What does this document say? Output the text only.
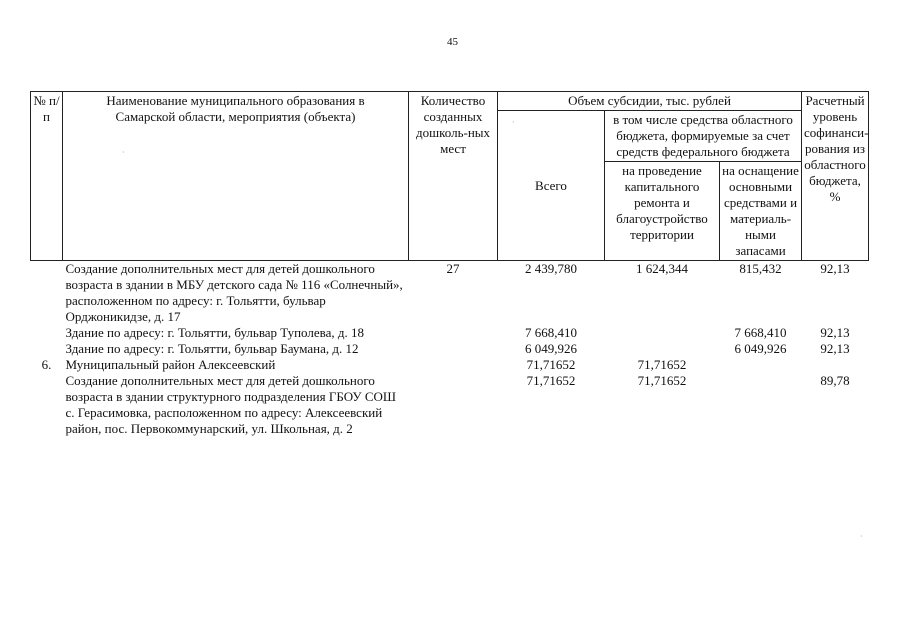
45
№ п/п	Наименование муниципального образования в Самарской области, мероприятия (объекта)	Количество созданных дошколь-ных мест	Объем субсидии, тыс. рублей			Расчетный уровень софинанси-рования из областного бюджета, %
			Всего	в том числе средства областного бюджета, формируемые за счет средств федерального бюджета		
				на проведение капитального ремонта и благоустройство территории	на оснащение основными средствами и материаль-ными запасами	
	Создание дополнительных мест для детей дошкольного возраста в здании в МБУ детского сада № 116 «Солнечный», расположенном по адресу: г. Тольятти, бульвар Орджоникидзе, д. 17	27	2 439,780	1 624,344	815,432	92,13
	Здание по адресу: г. Тольятти, бульвар Туполева, д. 18		7 668,410		7 668,410	92,13
	Здание по адресу: г. Тольятти, бульвар Баумана, д. 12		6 049,926		6 049,926	92,13
6.	Муниципальный район Алексеевский		71,71652	71,71652		
	Создание дополнительных мест для детей дошкольного возраста в здании структурного подразделения ГБОУ СОШ с. Герасимовка, расположенном по адресу: Алексеевский район, пос. Первокоммунарский, ул. Школьная, д. 2		71,71652	71,71652		89,78
·
·
·
